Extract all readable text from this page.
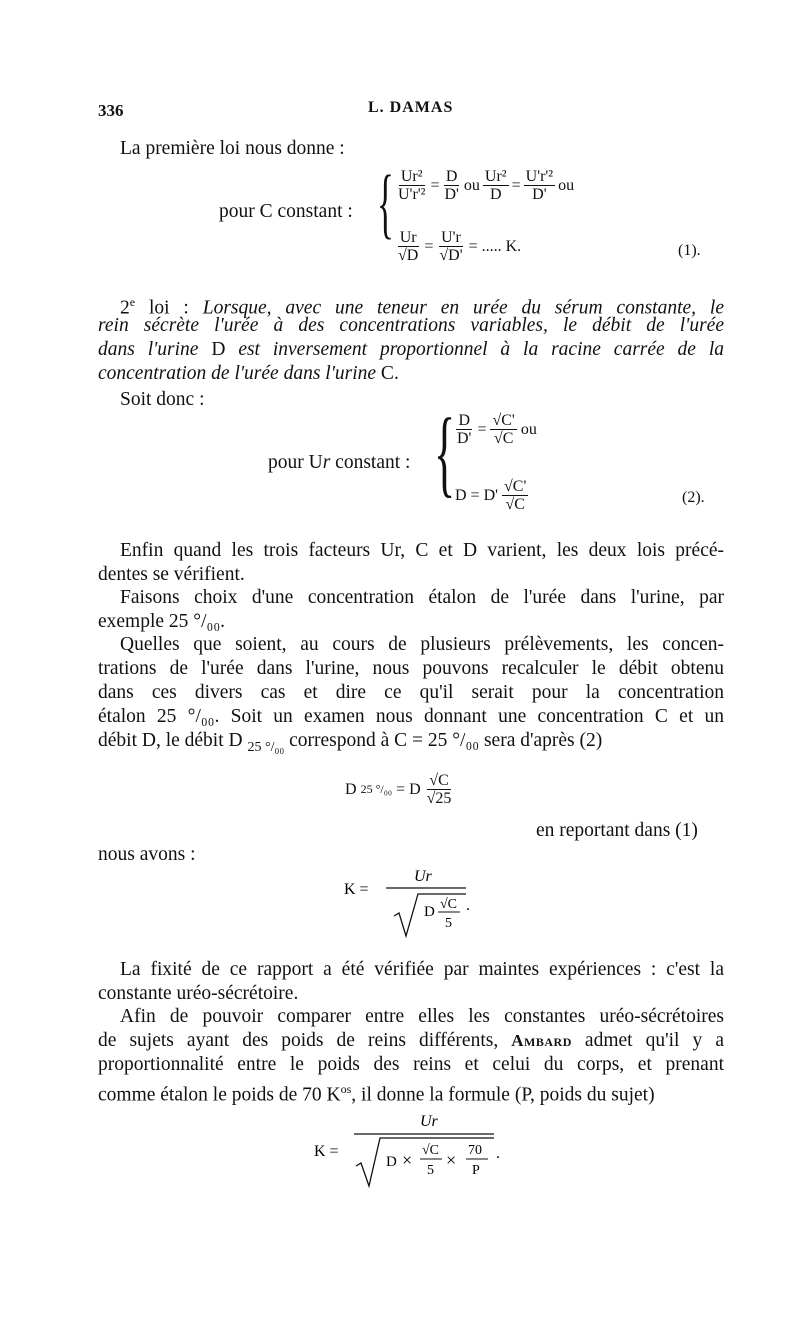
336	L. DAMAS
La première loi nous donne :
pour C constant : { $\frac{\text{Ur²}}{\text{U'r'²}} = \frac{D}{D'}$ ou $\frac{\text{Ur²}}{D} = \frac{\text{U'r'²}}{D'}$ ou
$\frac{Ur}{√D} = \frac{U'r}{√D'}$ = ..... K.	(1).
2e loi : Lorsque, avec une teneur en urée du sérum constante, le
rein sécrète l'urée à des concentrations variables, le débit de l'urée
dans l'urine D est inversement proportionnel à la racine carrée de la
concentration de l'urée dans l'urine C.
Soit donc :
pour Ur constant : { $\frac{D}{D'} = \frac{√C'}{√C}$ ou
$D = D' \frac{√C'}{√C}$	(2).
Enfin quand les trois facteurs Ur, C et D varient, les deux lois précé-
dentes se vérifient.
Faisons choix d'une concentration étalon de l'urée dans l'urine, par
exemple 25 °/₀₀.
Quelles que soient, au cours de plusieurs prélèvements, les concen-
trations de l'urée dans l'urine, nous pouvons recalculer le débit obtenu
dans ces divers cas et dire ce qu'il serait pour la concentration
étalon 25 °/₀₀. Soit un examen nous donnant une concentration C et un
débit D, le débit D $_{25 ^\circ/_{00}}$ correspond à C = 25 °/₀₀ sera d'après (2)
D 25 °/₀₀ = D $\frac{√C}{√25}$
en reportant dans (1)
nous avons :
K =
Ur
D √C
5
.
La fixité de ce rapport a été vérifiée par maintes expériences : c'est la
constante uréo-sécrétoire.
Afin de pouvoir comparer entre elles les constantes uréo-sécrétoires
de sujets ayant des poids de reins différents, Ambard admet qu'il y a
proportionnalité entre le poids des reins et celui du corps, et prenant
comme étalon le poids de 70 $K^{os}$, il donne la formule (P, poids du sujet)
K =
Ur
D × √C
5
× 70
P
.
